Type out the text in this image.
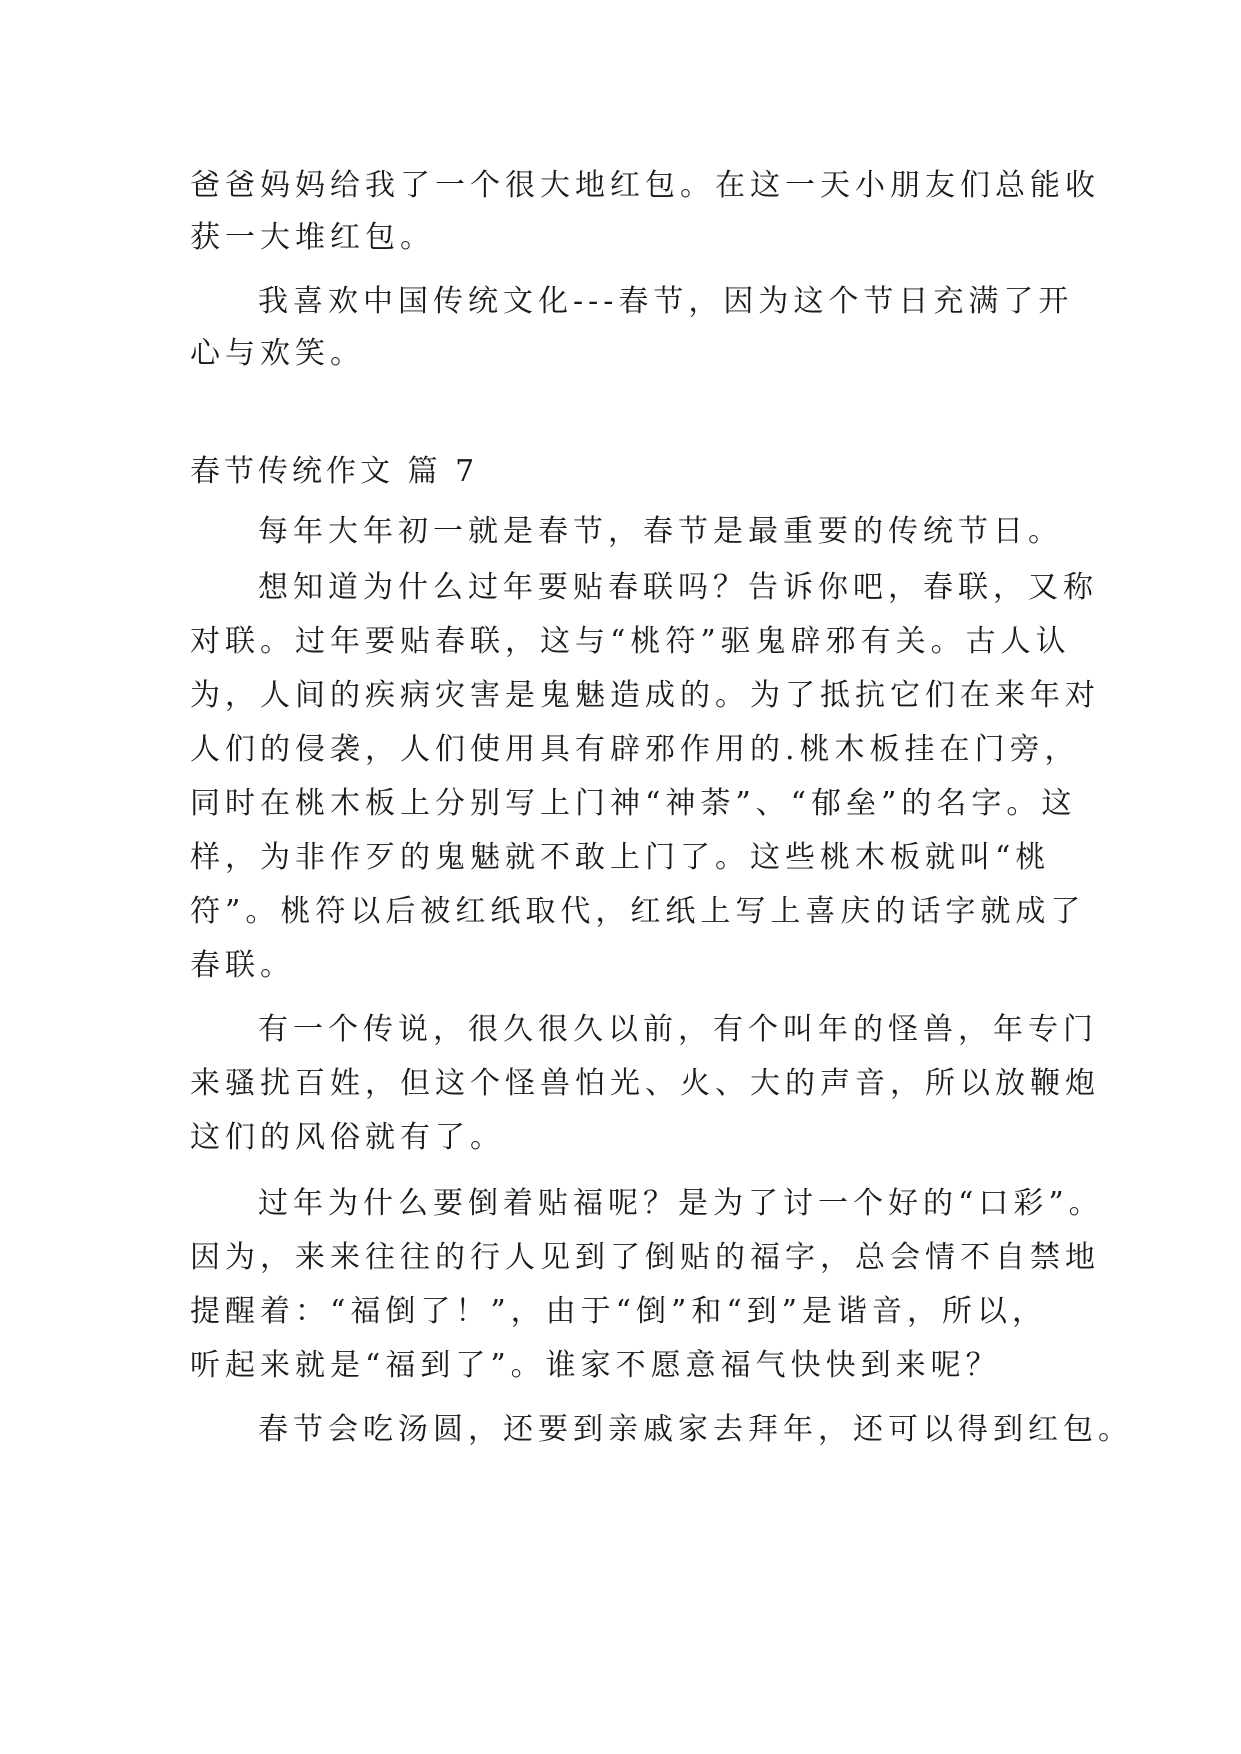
爸爸妈妈给我了一个很大地红包。在这一天小朋友们总能收
获一大堆红包。
我喜欢中国传统文化---春节，因为这个节日充满了开
心与欢笑。
春节传统作文 篇 7
每年大年初一就是春节，春节是最重要的传统节日。
想知道为什么过年要贴春联吗？告诉你吧，春联，又称
对联。过年要贴春联，这与“桃符”驱鬼辟邪有关。古人认
为，人间的疾病灾害是鬼魅造成的。为了抵抗它们在来年对
人们的侵袭，人们使用具有辟邪作用的.桃木板挂在门旁，
同时在桃木板上分别写上门神“神荼”、“郁垒”的名字。这
样，为非作歹的鬼魅就不敢上门了。这些桃木板就叫“桃
符”。桃符以后被红纸取代，红纸上写上喜庆的话字就成了
春联。
有一个传说，很久很久以前，有个叫年的怪兽，年专门
来骚扰百姓，但这个怪兽怕光、火、大的声音，所以放鞭炮
这们的风俗就有了。
过年为什么要倒着贴福呢？是为了讨一个好的“口彩”。
因为，来来往往的行人见到了倒贴的福字，总会情不自禁地
提醒着：“福倒了！”，由于“倒”和“到”是谐音，所以，
听起来就是“福到了”。谁家不愿意福气快快到来呢？
春节会吃汤圆，还要到亲戚家去拜年，还可以得到红包。
